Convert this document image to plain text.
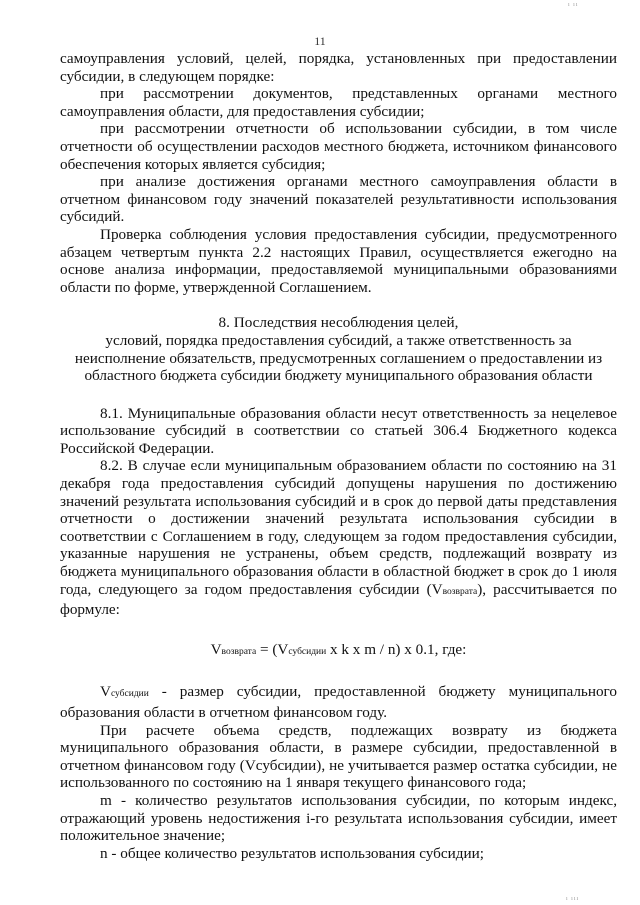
ı ıı
11

самоуправления условий, целей, порядка, установленных при предоставлении субсидии, в следующем порядке:

при рассмотрении документов, представленных органами местного самоуправления области, для предоставления субсидии;

при рассмотрении отчетности об использовании субсидии, в том числе отчетности об осуществлении расходов местного бюджета, источником финансового обеспечения которых является субсидия;

при анализе достижения органами местного самоуправления области в отчетном финансовом году значений показателей результативности использования субсидий.

Проверка соблюдения условия предоставления субсидии, предусмотренного абзацем четвертым пункта 2.2 настоящих Правил, осуществляется ежегодно на основе анализа информации, предоставляемой муниципальными образованиями области по форме, утвержденной Соглашением.

8. Последствия несоблюдения целей,
условий, порядка предоставления субсидий, а также ответственность за неисполнение обязательств, предусмотренных соглашением о предоставлении из областного бюджета субсидии бюджету муниципального образования области

8.1. Муниципальные образования области несут ответственность за нецелевое использование субсидий в соответствии со статьей 306.4 Бюджетного кодекса Российской Федерации.

8.2. В случае если муниципальным образованием области по состоянию на 31 декабря года предоставления субсидий допущены нарушения по достижению значений результата использования субсидий и в срок до первой даты представления отчетности о достижении значений результата использования субсидии в соответствии с Соглашением в году, следующем за годом предоставления субсидии, указанные нарушения не устранены, объем средств, подлежащий возврату из бюджета муниципального образования области в областной бюджет в срок до 1 июля года, следующего за годом предоставления субсидии (Vвозврата), рассчитывается по формуле:

Vвозврата = (Vсубсидии x k x m / n) x 0.1, где:

Vсубсидии - размер субсидии, предоставленной бюджету муниципального образования области в отчетном финансовом году.

При расчете объема средств, подлежащих возврату из бюджета муниципального образования области, в размере субсидии, предоставленной в отчетном финансовом году (Vсубсидии), не учитывается размер остатка субсидии, не использованного по состоянию на 1 января текущего финансового года;

m - количество результатов использования субсидии, по которым индекс, отражающий уровень недостижения i-го результата использования субсидии, имеет положительное значение;

n - общее количество результатов использования субсидии;

ı ııı
